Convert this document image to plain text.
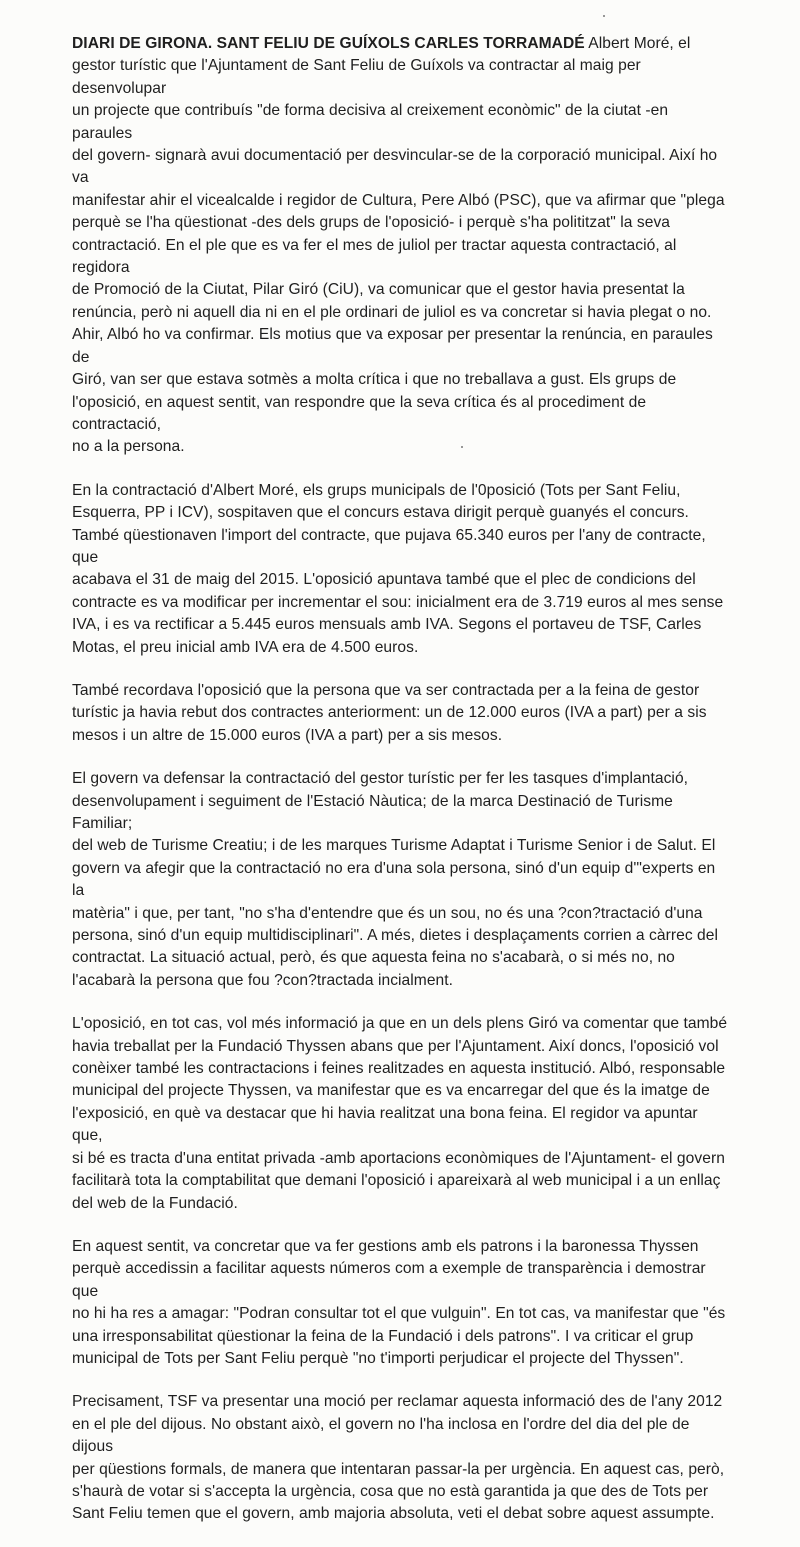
DIARI DE GIRONA. SANT FELIU DE GUÍXOLS CARLES TORRAMADÉ Albert Moré, el
gestor turístic que l'Ajuntament de Sant Feliu de Guíxols va contractar al maig per desenvolupar
un projecte que contribuís "de forma decisiva al creixement econòmic" de la ciutat -en paraules
del govern- signarà avui documentació per desvincular-se de la corporació municipal. Així ho va
manifestar ahir el vicealcalde i regidor de Cultura, Pere Albó (PSC), que va afirmar que "plega
perquè se l'ha qüestionat -des dels grups de l'oposició- i perquè s'ha polititzat" la seva
contractació. En el ple que es va fer el mes de juliol per tractar aquesta contractació, al regidora
de Promoció de la Ciutat, Pilar Giró (CiU), va comunicar que el gestor havia presentat la
renúncia, però ni aquell dia ni en el ple ordinari de juliol es va concretar si havia plegat o no.
Ahir, Albó ho va confirmar. Els motius que va exposar per presentar la renúncia, en paraules de
Giró, van ser que estava sotmès a molta crítica i que no treballava a gust. Els grups de
l'oposició, en aquest sentit, van respondre que la seva crítica és al procediment de contractació,
no a la persona.

En la contractació d'Albert Moré, els grups municipals de l'0posició (Tots per Sant Feliu,
Esquerra, PP i ICV), sospitaven que el concurs estava dirigit perquè guanyés el concurs.
També qüestionaven l'import del contracte, que pujava 65.340 euros per l'any de contracte, que
acabava el 31 de maig del 2015. L'oposició apuntava també que el plec de condicions del
contracte es va modificar per incrementar el sou: inicialment era de 3.719 euros al mes sense
IVA, i es va rectificar a 5.445 euros mensuals amb IVA. Segons el portaveu de TSF, Carles
Motas, el preu inicial amb IVA era de 4.500 euros.

També recordava l'oposició que la persona que va ser contractada per a la feina de gestor
turístic ja havia rebut dos contractes anteriorment: un de 12.000 euros (IVA a part) per a sis
mesos i un altre de 15.000 euros (IVA a part) per a sis mesos.

El govern va defensar la contractació del gestor turístic per fer les tasques d'implantació,
desenvolupament i seguiment de l'Estació Nàutica; de la marca Destinació de Turisme Familiar;
del web de Turisme Creatiu; i de les marques Turisme Adaptat i Turisme Senior i de Salut. El
govern va afegir que la contractació no era d'una sola persona, sinó d'un equip d'"experts en la
matèria" i que, per tant, "no s'ha d'entendre que és un sou, no és una ?con?tractació d'una
persona, sinó d'un equip multidisciplinari". A més, dietes i desplaçaments corrien a càrrec del
contractat. La situació actual, però, és que aquesta feina no s'acabarà, o si més no, no
l'acabarà la persona que fou ?con?tractada incialment.

L'oposició, en tot cas, vol més informació ja que en un dels plens Giró va comentar que també
havia treballat per la Fundació Thyssen abans que per l'Ajuntament. Així doncs, l'oposició vol
conèixer també les contractacions i feines realitzades en aquesta institució. Albó, responsable
municipal del projecte Thyssen, va manifestar que es va encarregar del que és la imatge de
l'exposició, en què va destacar que hi havia realitzat una bona feina. El regidor va apuntar que,
si bé es tracta d'una entitat privada -amb aportacions econòmiques de l'Ajuntament- el govern
facilitarà tota la comptabilitat que demani l'oposició i apareixarà al web municipal i a un enllaç
del web de la Fundació.

En aquest sentit, va concretar que va fer gestions amb els patrons i la baronessa Thyssen
perquè accedissin a facilitar aquests números com a exemple de transparència i demostrar que
no hi ha res a amagar: "Podran consultar tot el que vulguin". En tot cas, va manifestar que "és
una irresponsabilitat qüestionar la feina de la Fundació i dels patrons". I va criticar el grup
municipal de Tots per Sant Feliu perquè "no t'importi perjudicar el projecte del Thyssen".

Precisament, TSF va presentar una moció per reclamar aquesta informació des de l'any 2012
en el ple del dijous. No obstant això, el govern no l'ha inclosa en l'ordre del dia del ple de dijous
per qüestions formals, de manera que intentaran passar-la per urgència. En aquest cas, però,
s'haurà de votar si s'accepta la urgència, cosa que no està garantida ja que des de Tots per
Sant Feliu temen que el govern, amb majoria absoluta, veti el debat sobre aquest assumpte.
